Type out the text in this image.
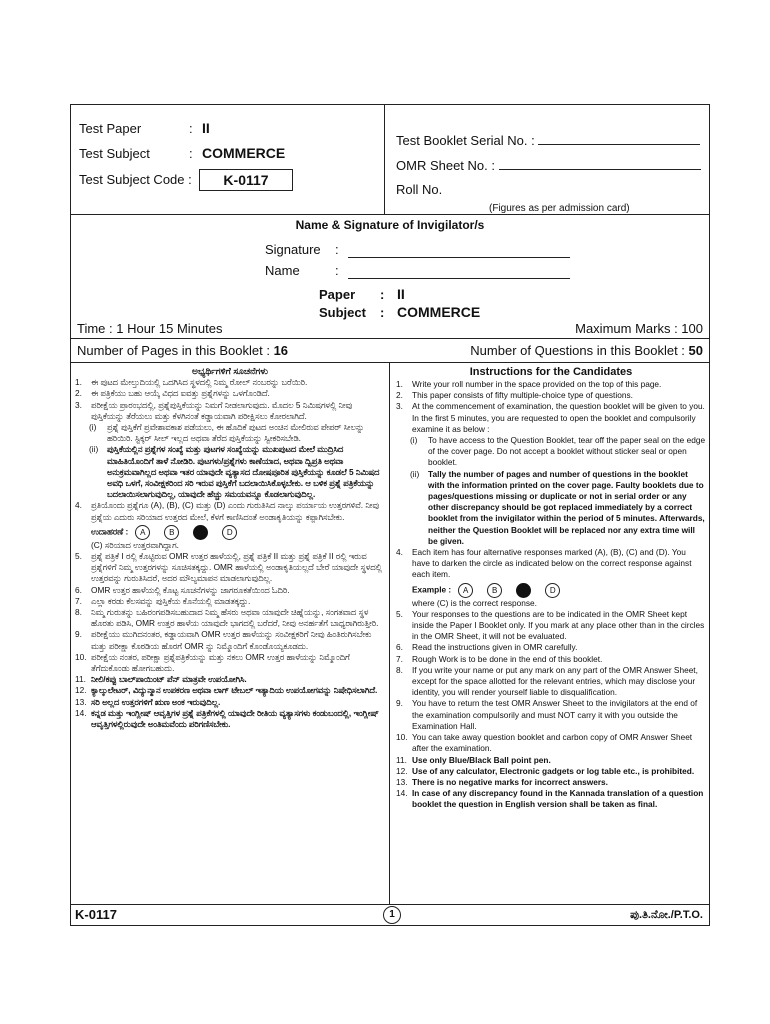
Test Paper	: II
Test Subject	: COMMERCE
Test Subject Code :	K-0117
Test Booklet Serial No. :
OMR Sheet No. :
Roll No.
(Figures as per admission card)
Name & Signature of Invigilator/s
Signature :
Name	:
Paper : II
Subject : COMMERCE
Time : 1 Hour 15 Minutes	Maximum Marks : 100
Number of Pages in this Booklet : 16	Number of Questions in this Booklet : 50
ಅಭ್ಯರ್ಥಿಗಳಿಗೆ ಸೂಚನೆಗಳು
1. ಈ ಪುಟದ ಮೇಲ್ತುದಿಯಲ್ಲಿ ಒದಗಿಸಿದ ಸ್ಥಳದಲ್ಲಿ ನಿಮ್ಮ ರೋಲ್ ನಂಬರನ್ನು ಬರೆಯಿರಿ.
2. ಈ ಪತ್ರಿಕೆಯು ಬಹು ಆಯ್ಕೆ ವಿಧದ ಐವತ್ತು ಪ್ರಶ್ನೆಗಳನ್ನು ಒಳಗೊಂಡಿದೆ.
3. ಪರೀಕ್ಷೆಯ ಪ್ರಾರಂಭದಲ್ಲಿ, ಪ್ರಶ್ನೆಪುಸ್ತಿಕೆಯನ್ನು ನಿಮಗೆ ನೀಡಲಾಗುವುದು. ಮೊದಲ 5 ನಿಮಿಷಗಳಲ್ಲಿ ನೀವು ಪುಸ್ತಿಕೆಯನ್ನು ತೆರೆಯಲು ಮತ್ತು ಕೆಳಗಿನಂತೆ ಕಡ್ಡಾಯವಾಗಿ ಪರೀಕ್ಷಿಸಲು ಕೋರಲಾಗಿದೆ.
(i) ಪ್ರಶ್ನೆ ಪುಸ್ತಿಕೆಗೆ ಪ್ರವೇಶಾವಕಾಶ ಪಡೆಯಲು, ಈ ಹೊದಿಕೆ ಪುಟದ ಅಂಚಿನ ಮೇಲಿರುವ ಪೇಪರ್ ಸೀಲನ್ನು ಹರಿಯಿರಿ. ಸ್ಟಿಕ್ಕರ್ ಸೀಲ್ ಇಲ್ಲದ ಅಥವಾ ತೆರೆದ ಪುಸ್ತಿಕೆಯನ್ನು ಸ್ವೀಕರಿಸಬೇಡಿ.
(ii) ಪುಸ್ತಿಕೆಯಲ್ಲಿನ ಪ್ರಶ್ನೆಗಳ ಸಂಖ್ಯೆ ಮತ್ತು ಪುಟಗಳ ಸಂಖ್ಯೆಯನ್ನು ಮುಖಪುಟದ ಮೇಲೆ ಮುದ್ರಿಸಿದ ಮಾಹಿತಿಯೊಂದಿಗೆ ತಾಳೆ ನೋಡಿರಿ. ಪುಟಗಳು/ಪ್ರಶ್ನೆಗಳು ಕಾಣೆಯಾದ, ಅಥವಾ ದ್ವಿಪ್ರತಿ ಅಥವಾ ಅನುಕ್ರಮವಾಗಿಲ್ಲದ ಅಥವಾ ಇತರ ಯಾವುದೇ ವ್ಯತ್ಯಾಸದ ದೋಷಪೂರಿತ ಪುಸ್ತಿಕೆಯನ್ನು ಕೂಡಲೆ 5 ನಿಮಿಷದ ಅವಧಿ ಒಳಗೆ, ಸಂವೀಕ್ಷಕರಿಂದ ಸರಿ ಇರುವ ಪುಸ್ತಿಕೆಗೆ ಬದಲಾಯಿಸಿಕೊಳ್ಳಬೇಕು. ಆ ಬಳಿಕ ಪ್ರಶ್ನೆ ಪತ್ರಿಕೆಯನ್ನು ಬದಲಾಯಿಸಲಾಗುವುದಿಲ್ಲ, ಯಾವುದೇ ಹೆಚ್ಚು ಸಮಯವನ್ನೂ ಕೊಡಲಾಗುವುದಿಲ್ಲ.
4. ಪ್ರತಿಯೊಂದು ಪ್ರಶ್ನೆಗೂ (A), (B), (C) ಮತ್ತು (D) ಎಂದು ಗುರುತಿಸಿದ ನಾಲ್ಕು ಪರ್ಯಾಯ ಉತ್ತರಗಳಿವೆ. ನೀವು ಪ್ರಶ್ನೆಯ ಎದುರು ಸರಿಯಾದ ಉತ್ತರದ ಮೇಲೆ, ಕೆಳಗೆ ಕಾಣಿಸಿದಂತೆ ಅಂಡಾಕೃತಿಯನ್ನು ಕಪ್ಪಾಗಿಸಬೇಕು.
ಉದಾಹರಣೆ : A	B	D
(C) ಸರಿಯಾದ ಉತ್ತರವಾಗಿದ್ದಾಗ.
5. ಪ್ರಶ್ನೆ ಪತ್ರಿಕೆ I ರಲ್ಲಿ ಕೊಟ್ಟಿರುವ OMR ಉತ್ತರ ಹಾಳೆಯಲ್ಲಿ, ಪ್ರಶ್ನೆ ಪತ್ರಿಕೆ II ಮತ್ತು ಪ್ರಶ್ನೆ ಪತ್ರಿಕೆ II ರಲ್ಲಿ ಇರುವ ಪ್ರಶ್ನೆಗಳಿಗೆ ನಿಮ್ಮ ಉತ್ತರಗಳನ್ನು ಸೂಚಿಸತಕ್ಕದ್ದು. OMR ಹಾಳೆಯಲ್ಲಿ ಅಂಡಾಕೃತಿಯಲ್ಲದೆ ಬೇರೆ ಯಾವುದೇ ಸ್ಥಳದಲ್ಲಿ ಉತ್ತರವನ್ನು ಗುರುತಿಸಿದರೆ, ಅದರ ಮೌಲ್ಯಮಾಪನ ಮಾಡಲಾಗುವುದಿಲ್ಲ.
6. OMR ಉತ್ತರ ಹಾಳೆಯಲ್ಲಿ ಕೊಟ್ಟ ಸೂಚನೆಗಳನ್ನು ಜಾಗರೂಕತೆಯಿಂದ ಓದಿರಿ.
7. ಎಲ್ಲಾ ಕರಡು ಕೆಲಸವನ್ನು ಪುಸ್ತಿಕೆಯ ಕೊನೆಯಲ್ಲಿ ಮಾಡತಕ್ಕದ್ದು.
8. ನಿಮ್ಮ ಗುರುತನ್ನು ಬಹಿರಂಗಪಡಿಸಬಹುದಾದ ನಿಮ್ಮ ಹೆಸರು ಅಥವಾ ಯಾವುದೇ ಚಿಹ್ನೆಯನ್ನು, ಸಂಗತವಾದ ಸ್ಥಳ ಹೊರತು ಪಡಿಸಿ, OMR ಉತ್ತರ ಹಾಳೆಯ ಯಾವುದೇ ಭಾಗದಲ್ಲಿ ಬರೆದರೆ, ನೀವು ಅನರ್ಹತೆಗೆ ಬಾಧ್ಯರಾಗಿರುತ್ತೀರಿ.
9. ಪರೀಕ್ಷೆಯು ಮುಗಿದನಂತರ, ಕಡ್ಡಾಯವಾಗಿ OMR ಉತ್ತರ ಹಾಳೆಯನ್ನು ಸಂವೀಕ್ಷಕರಿಗೆ ನೀವು ಹಿಂತಿರುಗಿಸಬೇಕು ಮತ್ತು ಪರೀಕ್ಷಾ ಕೊಠಡಿಯ ಹೊರಗೆ OMR ನ್ನು ನಿಮ್ಮೊಂದಿಗೆ ಕೊಂಡೊಯ್ಯಕೂಡದು.
10. ಪರೀಕ್ಷೆಯ ನಂತರ, ಪರೀಕ್ಷಾ ಪ್ರಶ್ನೆಪತ್ರಿಕೆಯನ್ನು ಮತ್ತು ನಕಲು OMR ಉತ್ತರ ಹಾಳೆಯನ್ನು ನಿಮ್ಮೊಂದಿಗೆ ತೆಗೆದುಕೊಂಡು ಹೋಗಬಹುದು.
11. ನೀಲಿ/ಕಪ್ಪು ಬಾಲ್‌ಪಾಯಿಂಟ್ ಪೆನ್ ಮಾತ್ರವೇ ಉಪಯೋಗಿಸಿ.
12. ಕ್ಯಾಲ್ಕುಲೇಟರ್, ವಿದ್ಯುನ್ಮಾನ ಉಪಕರಣ ಅಥವಾ ಲಾಗ್ ಟೇಬಲ್ ಇತ್ಯಾದಿಯ ಉಪಯೋಗವನ್ನು ನಿಷೇಧಿಸಲಾಗಿದೆ.
13. ಸರಿ ಅಲ್ಲದ ಉತ್ತರಗಳಿಗೆ ಋಣ ಅಂಕ ಇರುವುದಿಲ್ಲ.
14. ಕನ್ನಡ ಮತ್ತು ಇಂಗ್ಲೀಷ್ ಆವೃತ್ತಿಗಳ ಪ್ರಶ್ನೆ ಪತ್ರಿಕೆಗಳಲ್ಲಿ ಯಾವುದೇ ರೀತಿಯ ವ್ಯತ್ಯಾಸಗಳು ಕಂಡುಬಂದಲ್ಲಿ, ಇಂಗ್ಲೀಷ್ ಆವೃತ್ತಿಗಳಲ್ಲಿರುವುದೇ ಅಂತಿಮವೆಂದು ಪರಿಗಣಿಸಬೇಕು.
Instructions for the Candidates
1. Write your roll number in the space provided on the top of this page.
2. This paper consists of fifty multiple-choice type of questions.
3. At the commencement of examination, the question booklet will be given to you. In the first 5 minutes, you are requested to open the booklet and compulsorily examine it as below :
(i) To have access to the Question Booklet, tear off the paper seal on the edge of the cover page. Do not accept a booklet without sticker seal or open booklet.
(ii) Tally the number of pages and number of questions in the booklet with the information printed on the cover page. Faulty booklets due to pages/questions missing or duplicate or not in serial order or any other discrepancy should be got replaced immediately by a correct booklet from the invigilator within the period of 5 minutes. Afterwards, neither the Question Booklet will be replaced nor any extra time will be given.
4. Each item has four alternative responses marked (A), (B), (C) and (D). You have to darken the circle as indicated below on the correct response against each item.
Example : A	B	D
where (C) is the correct response.
5. Your responses to the questions are to be indicated in the OMR Sheet kept inside the Paper I Booklet only. If you mark at any place other than in the circles in the OMR Sheet, it will not be evaluated.
6. Read the instructions given in OMR carefully.
7. Rough Work is to be done in the end of this booklet.
8. If you write your name or put any mark on any part of the OMR Answer Sheet, except for the space allotted for the relevant entries, which may disclose your identity, you will render yourself liable to disqualification.
9. You have to return the test OMR Answer Sheet to the invigilators at the end of the examination compulsorily and must NOT carry it with you outside the Examination Hall.
10. You can take away question booklet and carbon copy of OMR Answer Sheet after the examination.
11. Use only Blue/Black Ball point pen.
12. Use of any calculator, Electronic gadgets or log table etc., is prohibited.
13. There is no negative marks for incorrect answers.
14. In case of any discrepancy found in the Kannada translation of a question booklet the question in English version shall be taken as final.
K-0117	1	ಪು.ತಿ.ನೋ./P.T.O.
